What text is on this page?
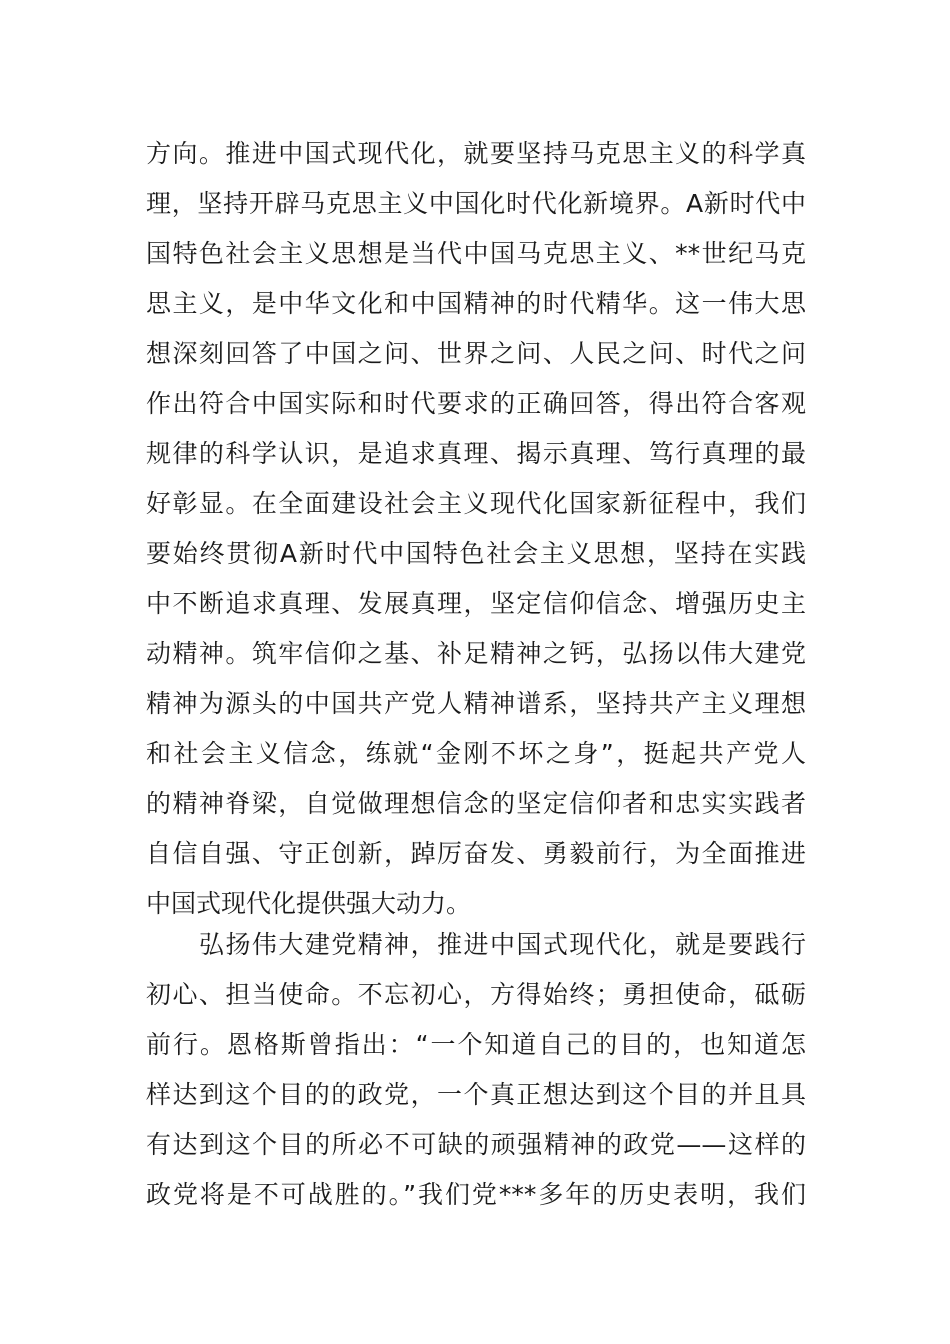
方向。推进中国式现代化，就要坚持马克思主义的科学真
理，坚持开辟马克思主义中国化时代化新境界。A新时代中
国特色社会主义思想是当代中国马克思主义、**世纪马克
思主义，是中华文化和中国精神的时代精华。这一伟大思
想深刻回答了中国之问、世界之问、人民之问、时代之问
作出符合中国实际和时代要求的正确回答，得出符合客观
规律的科学认识，是追求真理、揭示真理、笃行真理的最
好彰显。在全面建设社会主义现代化国家新征程中，我们
要始终贯彻A新时代中国特色社会主义思想，坚持在实践
中不断追求真理、发展真理，坚定信仰信念、增强历史主
动精神。筑牢信仰之基、补足精神之钙，弘扬以伟大建党
精神为源头的中国共产党人精神谱系，坚持共产主义理想
和社会主义信念，练就“金刚不坏之身”，挺起共产党人
的精神脊梁，自觉做理想信念的坚定信仰者和忠实实践者
自信自强、守正创新，踔厉奋发、勇毅前行，为全面推进
中国式现代化提供强大动力。
弘扬伟大建党精神，推进中国式现代化，就是要践行
初心、担当使命。不忘初心，方得始终；勇担使命，砥砺
前行。恩格斯曾指出：“一个知道自己的目的，也知道怎
样达到这个目的的政党，一个真正想达到这个目的并且具
有达到这个目的所必不可缺的顽强精神的政党——这样的
政党将是不可战胜的。”我们党***多年的历史表明，我们
